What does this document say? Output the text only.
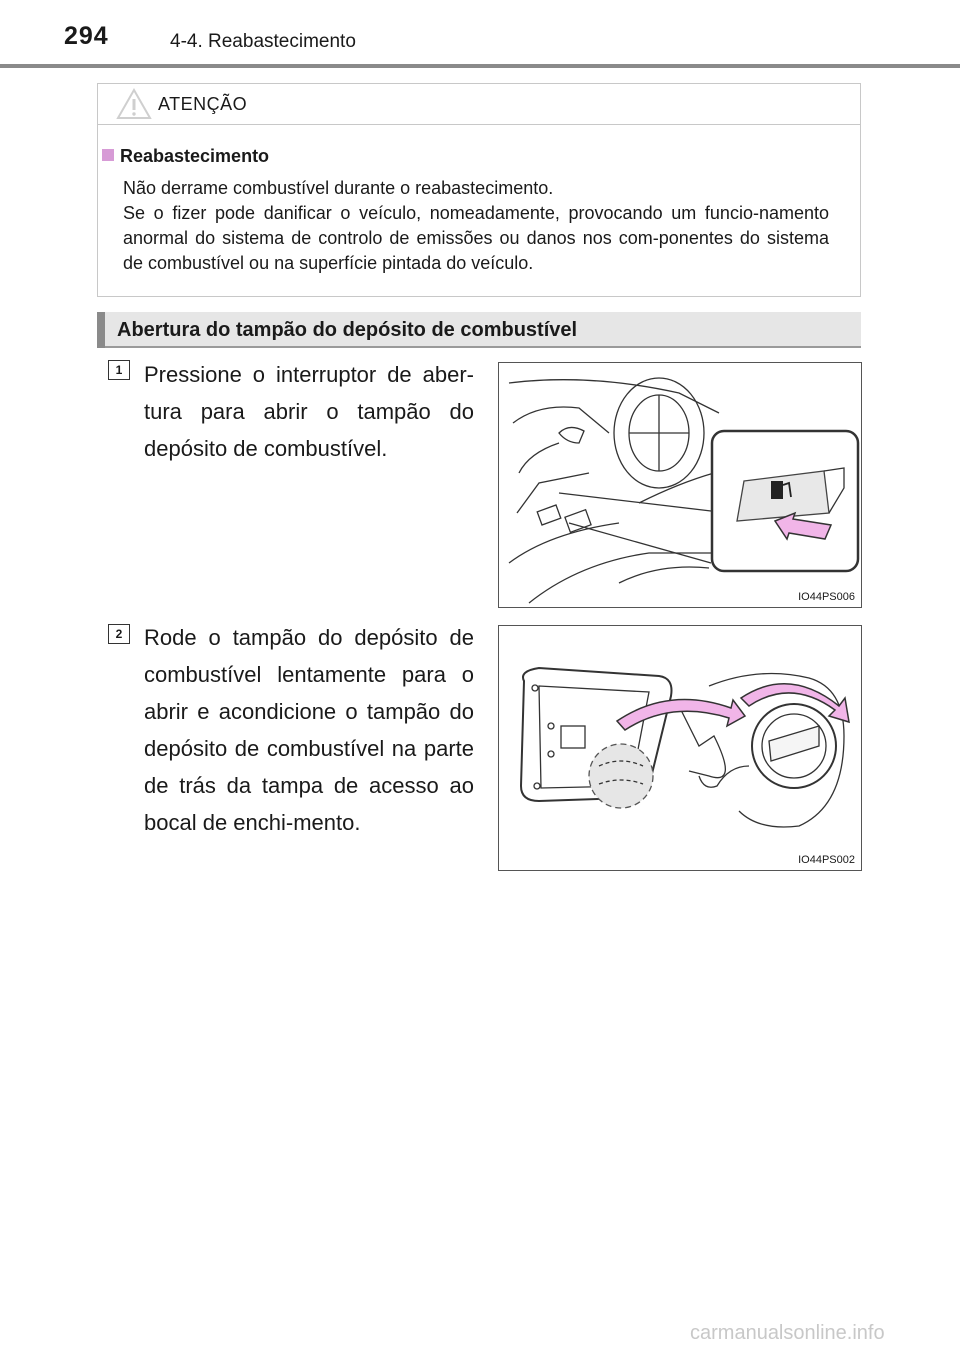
294	4-4. Reabastecimento
ATENÇÃO
Reabastecimento

Não derrame combustível durante o reabastecimento.

Se o fizer pode danificar o veículo, nomeadamente, provocando um funcio-namento anormal do sistema de controlo de emissões ou danos nos com-ponentes do sistema de combustível ou na superfície pintada do veículo.

Abertura do tampão do depósito de combustível
1 Pressione o interruptor de aber-tura para abrir o tampão do depósito de combustível.
IO44PS006
2 Rode o tampão do depósito de combustível lentamente para o abrir e acondicione o tampão do depósito de combustível na parte de trás da tampa de acesso ao bocal de enchi-mento.
IO44PS002
carmanualsonline.info
